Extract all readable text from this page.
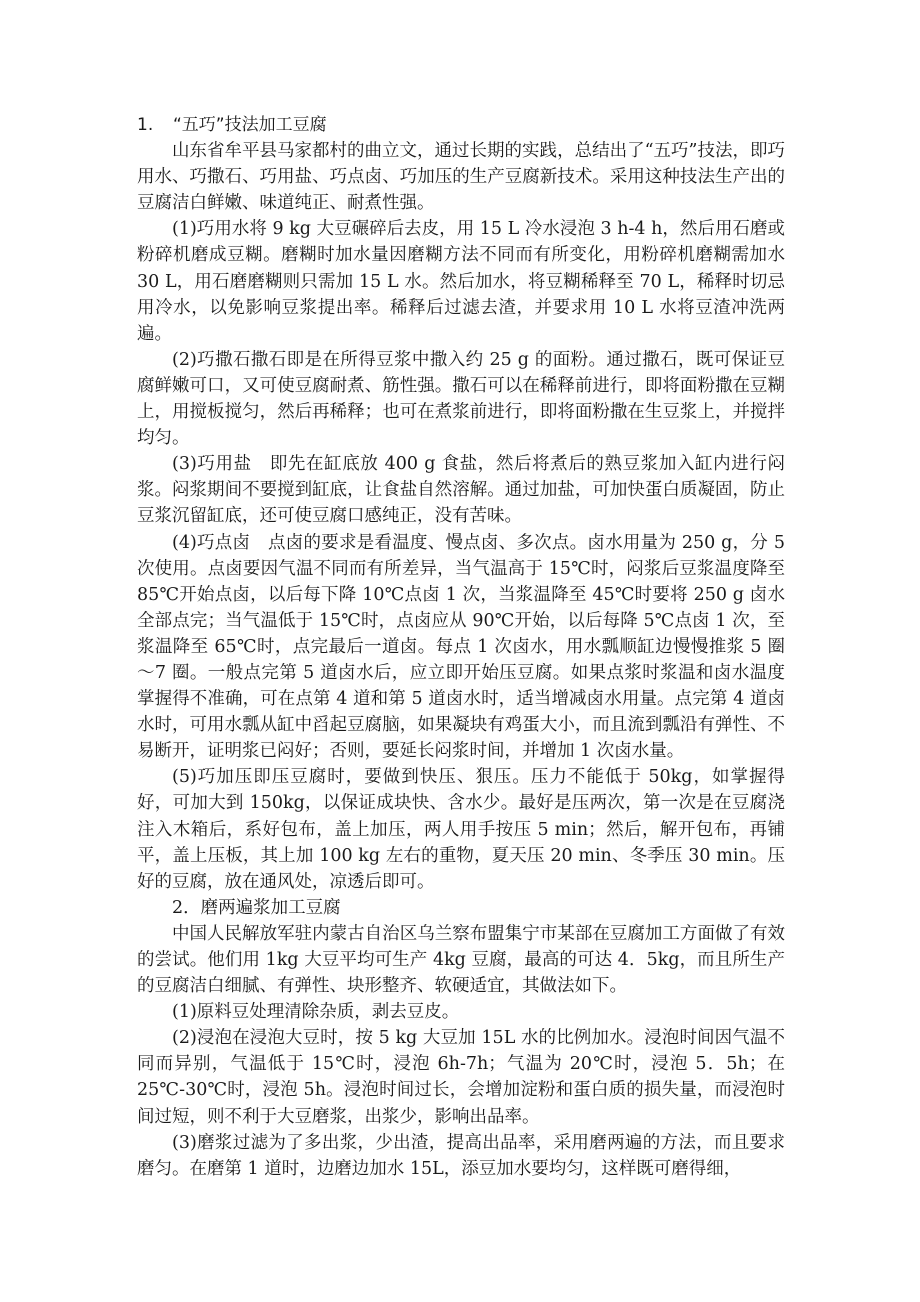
1. “五巧”技法加工豆腐

山东省牟平县马家都村的曲立文，通过长期的实践，总结出了“五巧”技法，即巧用水、巧撒石、巧用盐、巧点卤、巧加压的生产豆腐新技术。采用这种技法生产出的豆腐洁白鲜嫩、味道纯正、耐煮性强。

(1)巧用水将 9 kg 大豆碾碎后去皮，用 15 L 冷水浸泡 3 h-4 h，然后用石磨或粉碎机磨成豆糊。磨糊时加水量因磨糊方法不同而有所变化，用粉碎机磨糊需加水 30 L，用石磨磨糊则只需加 15 L 水。然后加水，将豆糊稀释至 70 L，稀释时切忌用冷水，以免影响豆浆提出率。稀释后过滤去渣，并要求用 10 L 水将豆渣冲洗两遍。

(2)巧撒石撒石即是在所得豆浆中撒入约 25 g 的面粉。通过撒石，既可保证豆腐鲜嫩可口，又可使豆腐耐煮、筋性强。撒石可以在稀释前进行，即将面粉撒在豆糊上，用搅板搅匀，然后再稀释；也可在煮浆前进行，即将面粉撒在生豆浆上，并搅拌均匀。

(3)巧用盐　即先在缸底放 400 g 食盐，然后将煮后的熟豆浆加入缸内进行闷浆。闷浆期间不要搅到缸底，让食盐自然溶解。通过加盐，可加快蛋白质凝固，防止豆浆沉留缸底，还可使豆腐口感纯正，没有苦味。

(4)巧点卤　点卤的要求是看温度、慢点卤、多次点。卤水用量为 250 g，分 5 次使用。点卤要因气温不同而有所差异，当气温高于 15℃时，闷浆后豆浆温度降至 85℃开始点卤，以后每下降 10℃点卤 1 次，当浆温降至 45℃时要将 250 g 卤水全部点完；当气温低于 15℃时，点卤应从 90℃开始，以后每降 5℃点卤 1 次，至浆温降至 65℃时，点完最后一道卤。每点 1 次卤水，用水瓢顺缸边慢慢推浆 5 圈～7 圈。一般点完第 5 道卤水后，应立即开始压豆腐。如果点浆时浆温和卤水温度掌握得不准确，可在点第 4 道和第 5 道卤水时，适当增减卤水用量。点完第 4 道卤水时，可用水瓢从缸中舀起豆腐脑，如果凝块有鸡蛋大小，而且流到瓢沿有弹性、不易断开，证明浆已闷好；否则，要延长闷浆时间，并增加 1 次卤水量。

(5)巧加压即压豆腐时，要做到快压、狠压。压力不能低于 50kg，如掌握得好，可加大到 150kg，以保证成块快、含水少。最好是压两次，第一次是在豆腐浇注入木箱后，系好包布，盖上加压，两人用手按压 5 min；然后，解开包布，再铺平，盖上压板，其上加 100 kg 左右的重物，夏天压 20 min、冬季压 30 min。压好的豆腐，放在通风处，凉透后即可。

2．磨两遍浆加工豆腐

中国人民解放军驻内蒙古自治区乌兰察布盟集宁市某部在豆腐加工方面做了有效的尝试。他们用 1kg 大豆平均可生产 4kg 豆腐，最高的可达 4．5kg，而且所生产的豆腐洁白细腻、有弹性、块形整齐、软硬适宜，其做法如下。

(1)原料豆处理清除杂质，剥去豆皮。

(2)浸泡在浸泡大豆时，按 5 kg 大豆加 15L 水的比例加水。浸泡时间因气温不同而异别，气温低于 15℃时，浸泡 6h-7h；气温为 20℃时，浸泡 5．5h；在 25℃-30℃时，浸泡 5h。浸泡时间过长，会增加淀粉和蛋白质的损失量，而浸泡时间过短，则不利于大豆磨浆，出浆少，影响出品率。

(3)磨浆过滤为了多出浆，少出渣，提高出品率，采用磨两遍的方法，而且要求磨匀。在磨第 1 道时，边磨边加水 15L，添豆加水要均匀，这样既可磨得细，
